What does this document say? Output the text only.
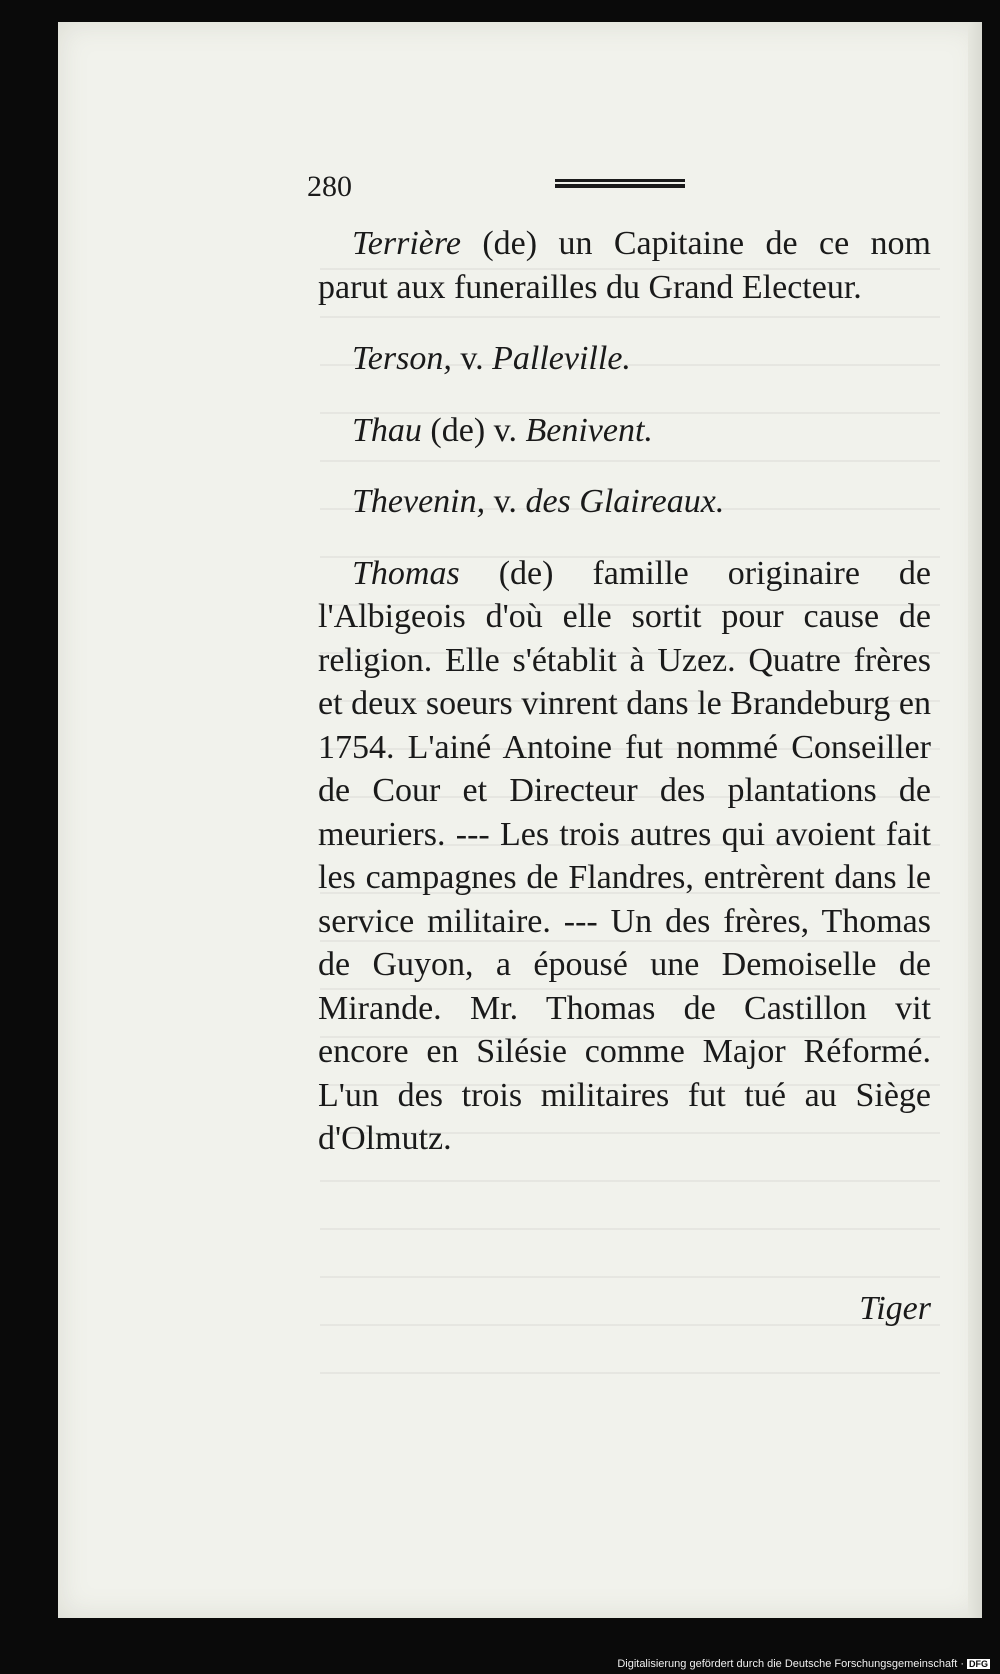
280

Terrière (de) un Capitaine de ce nom parut aux funerailles du Grand Electeur.

Terson, v. Palleville.

Thau (de) v. Benivent.

Thevenin, v. des Glaireaux.

Thomas (de) famille originaire de l'Albigeois d'où elle sortit pour cause de religion. Elle s'établit à Uzez. Quatre frères et deux soeurs vinrent dans le Brandeburg en 1754. L'ainé Antoine fut nommé Conseiller de Cour et Directeur des plantations de meuriers. --- Les trois autres qui avoient fait les campagnes de Flandres, entrèrent dans le service militaire. --- Un des frères, Thomas de Guyon, a épousé une Demoiselle de Mirande. Mr. Thomas de Castillon vit encore en Silésie comme Major Réformé. L'un des trois militaires fut tué au Siège d'Olmutz.

Tiger
Digitalisierung gefördert durch die Deutsche Forschungsgemeinschaft · DFG
